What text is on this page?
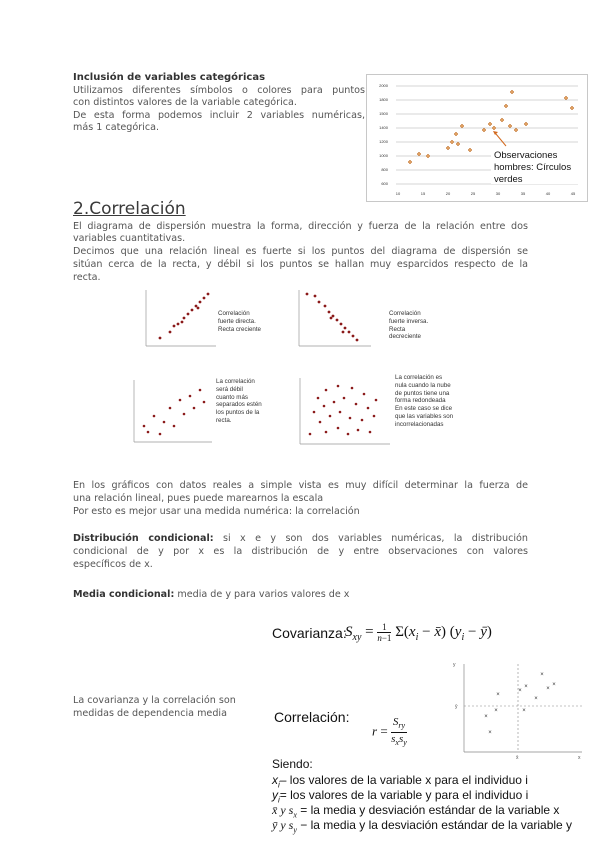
Inclusión de variables categóricas
Utilizamos diferentes símbolos o colores para puntos
con distintos valores de la variable categórica.
De esta forma podemos incluir 2 variables numéricas,
más 1 categórica.
2000
1800
1500
1400
1200
1000
800
600
10	15	20	25	30	35	40	45
Observaciones
hombres: Círculos
verdes
2.Correlación
El diagrama de dispersión muestra la forma, dirección y fuerza de la relación entre dos
variables cuantitativas.
Decimos que una relación lineal es fuerte si los puntos del diagrama de dispersión se
sitúan cerca de la recta, y débil si los puntos se hallan muy esparcidos respecto de la
recta.
Correlación
fuerte directa.
Recta creciente
Correlación
fuerte inversa.
Recta
decreciente
La correlación
será débil
cuanto más
separados estén
los puntos de la
recta.
La correlación es
nula cuando la nube
de puntos tiene una
forma redondeada
En este caso se dice
que las variables son
incorrelacionadas
En los gráficos con datos reales a simple vista es muy difícil determinar la fuerza de
una relación lineal, pues puede marearnos la escala
Por esto es mejor usar una medida numérica: la correlación
Distribución condicional: si x e y son dos variables numéricas, la distribución
condicional de y por x es la distribución de y entre observaciones con valores
específicos de x.
Media condicional: media de y para varios valores de x
Covarianza:
$S_{xy} = \frac{1}{n-1} \Sigma(x_i$ − x̄) ($y_i$ − ȳ)
La covarianza y la correlación son
medidas de dependencia media	Correlación:
r =
$S_{ry}$
$s_xs_y$
y
ȳ
x̄	x
×
×
×
×
×
×
×
×
×
×
×
Siendo:
$x_i-$ los valores de la variable x para el individuo i
$y_i=$ los valores de la variable y para el individuo i
x̄ y $s_x$ = la media y desviación estándar de la variable x
ȳ y $s_y$ − la media y la desviación estándar de la variable y
